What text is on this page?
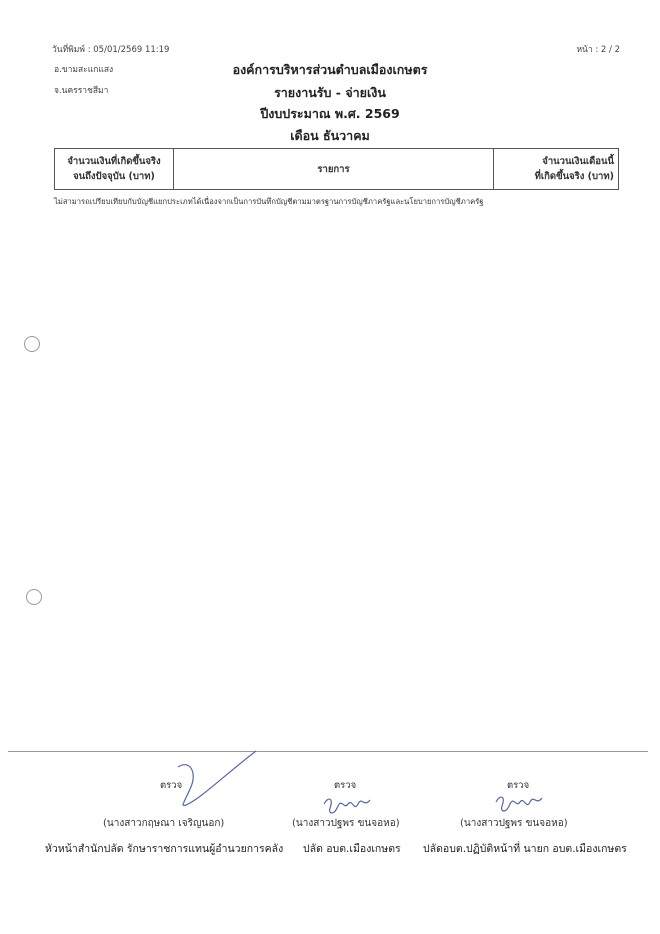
วันที่พิมพ์ : 05/01/2569 11:19
อ.ขามสะแกแสง
จ.นครราชสีมา
หน้า : 2 / 2
องค์การบริหารส่วนตำบลเมืองเกษตร
รายงานรับ - จ่ายเงิน
ปีงบประมาณ พ.ศ. 2569
เดือน ธันวาคม
จำนวนเงินที่เกิดขึ้นจริง
จนถึงปัจจุบัน (บาท)
	รายการ	
จำนวนเงินเดือนนี้
ที่เกิดขึ้นจริง (บาท)
ไม่สามารถเปรียบเทียบกับบัญชีแยกประเภทได้เนื่องจากเป็นการบันทึกบัญชีตามมาตรฐานการบัญชีภาครัฐและนโยบายการบัญชีภาครัฐ
ตรวจ
(นางสาวกฤษณา เจริญนอก)
หัวหน้าสำนักปลัด รักษาราชการแทนผู้อำนวยการคลัง
ตรวจ
(นางสาวปฐพร ขนจอหอ)
ปลัด อบต.เมืองเกษตร
ตรวจ
(นางสาวปฐพร ขนจอหอ)
ปลัดอบต.ปฏิบัติหน้าที่ นายก อบต.เมืองเกษตร
